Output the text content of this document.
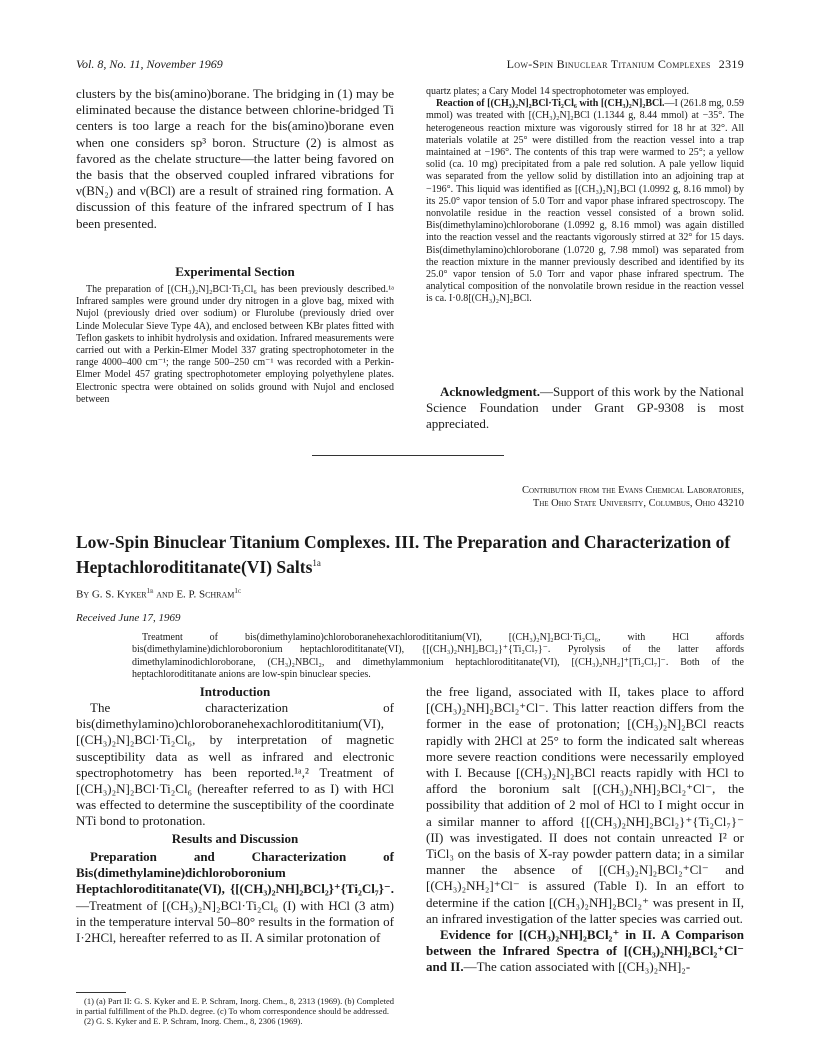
Vol. 8, No. 11, November 1969	Low-Spin Binuclear Titanium Complexes 2319

clusters by the bis(amino)borane. The bridging in (1) may be eliminated because the distance between chlorine-bridged Ti centers is too large a reach for the bis(amino)borane even when one considers sp³ boron. Structure (2) is almost as favored as the chelate structure—the latter being favored on the basis that the observed coupled infrared vibrations for ν(BN₂) and ν(BCl) are a result of strained ring formation. A discussion of this feature of the infrared spectrum of I has been presented.

Experimental Section
The preparation of [(CH₃)₂N]₂BCl·Ti₂Cl₆ has been previously described.¹ᵃ Infrared samples were ground under dry nitrogen in a glove bag, mixed with Nujol (previously dried over sodium) or Flurolube (previously dried over Linde Molecular Sieve Type 4A), and enclosed between KBr plates fitted with Teflon gaskets to inhibit hydrolysis and oxidation. Infrared measurements were carried out with a Perkin-Elmer Model 337 grating spectrophotometer in the range 4000–400 cm⁻¹; the range 500–250 cm⁻¹ was recorded with a Perkin-Elmer Model 457 grating spectrophotometer employing polyethylene plates. Electronic spectra were obtained on solids ground with Nujol and enclosed between

quartz plates; a Cary Model 14 spectrophotometer was employed.

Reaction of [(CH₃)₂N]₂BCl·Ti₂Cl₆ with [(CH₃)₂N]₂BCl.—I (261.8 mg, 0.59 mmol) was treated with [(CH₃)₂N]₂BCl (1.1344 g, 8.44 mmol) at −35°. The heterogeneous reaction mixture was vigorously stirred for 18 hr at 32°. All materials volatile at 25° were distilled from the reaction vessel into a trap maintained at −196°. The contents of this trap were warmed to 25°; a yellow solid (ca. 10 mg) precipitated from a pale red solution. A pale yellow liquid was separated from the yellow solid by distillation into an adjoining trap at −196°. This liquid was identified as [(CH₃)₂N]₂BCl (1.0992 g, 8.16 mmol) by its 25.0° vapor tension of 5.0 Torr and vapor phase infrared spectroscopy. The nonvolatile residue in the reaction vessel consisted of a brown solid. Bis(dimethylamino)chloroborane (1.0992 g, 8.16 mmol) was again distilled into the reaction vessel and the reactants vigorously stirred at 32° for 15 days. Bis(dimethylamino)chloroborane (1.0720 g, 7.98 mmol) was separated from the reaction mixture in the manner previously described and identified by its 25.0° vapor tension of 5.0 Torr and vapor phase infrared spectrum. The analytical composition of the nonvolatile brown residue in the reaction vessel is ca. I·0.8[(CH₃)₂N]₂BCl.

Acknowledgment.—Support of this work by the National Science Foundation under Grant GP-9308 is most appreciated.
Contribution from the Evans Chemical Laboratories,
The Ohio State University, Columbus, Ohio 43210
Low-Spin Binuclear Titanium Complexes. III. The Preparation and Characterization of Heptachlorodititanate(VI) Salts$^{1a}$
By G. S. Kyker$^{1b}$ and E. P. Schram$^{1c}$
Received June 17, 1969
Treatment of bis(dimethylamino)chloroboranehexachlorodititanium(VI), [(CH₃)₂N]₂BCl·Ti₂Cl₆, with HCl affords bis(dimethylamine)dichloroboronium heptachlorodititanate(VI), {[(CH₃)₂NH]₂BCl₂}⁺{Ti₂Cl₇}⁻. Pyrolysis of the latter affords dimethylaminodichloroborane, (CH₃)₂NBCl₂, and dimethylammonium heptachlorodititanate(VI), [(CH₃)₂NH₂]⁺[Ti₂Cl₇]⁻. Both of the heptachlorodititanate anions are low-spin binuclear species.
Introduction
The characterization of bis(dimethylamino)chloroboranehexachlorodititanium(VI), [(CH₃)₂N]₂BCl·Ti₂Cl₆, by interpretation of magnetic susceptibility data as well as infrared and electronic spectrophotometry has been reported.¹ᵃ,² Treatment of [(CH₃)₂N]₂BCl·Ti₂Cl₆ (hereafter referred to as I) with HCl was effected to determine the susceptibility of the coordinate NTi bond to protonation.
Results and Discussion
Preparation and Characterization of Bis(dimethylamine)dichloroboronium Heptachlorodititanate(VI), {[(CH₃)₂NH]₂BCl₂}⁺{Ti₂Cl₇}⁻.—Treatment of [(CH₃)₂N]₂BCl·Ti₂Cl₆ (I) with HCl (3 atm) in the temperature interval 50–80° results in the formation of I·2HCl, hereafter referred to as II. A similar protonation of

(1) (a) Part II: G. S. Kyker and E. P. Schram, Inorg. Chem., 8, 2313 (1969). (b) Completed in partial fulfillment of the Ph.D. degree. (c) To whom correspondence should be addressed.

(2) G. S. Kyker and E. P. Schram, Inorg. Chem., 8, 2306 (1969).

the free ligand, associated with II, takes place to afford [(CH₃)₂NH]₂BCl₂⁺Cl⁻. This latter reaction differs from the former in the ease of protonation; [(CH₃)₂N]₂BCl reacts rapidly with 2HCl at 25° to form the indicated salt whereas more severe reaction conditions were necessarily employed with I. Because [(CH₃)₂N]₂BCl reacts rapidly with HCl to afford the boronium salt [(CH₃)₂NH]₂BCl₂⁺Cl⁻, the possibility that addition of 2 mol of HCl to I might occur in a similar manner to afford {[(CH₃)₂NH]₂BCl₂}⁺{Ti₂Cl₇}⁻ (II) was investigated. II does not contain unreacted I² or TiCl₃ on the basis of X-ray powder pattern data; in a similar manner the absence of [(CH₃)₂N]₂BCl₂⁺Cl⁻ and [(CH₃)₂NH₂]⁺Cl⁻ is assured (Table I). In an effort to determine if the cation [(CH₃)₂NH]₂BCl₂⁺ was present in II, an infrared investigation of the latter species was carried out.

Evidence for [(CH₃)₂NH]₂BCl₂⁺ in II. A Comparison between the Infrared Spectra of [(CH₃)₂NH]₂BCl₂⁺Cl⁻ and II.—The cation associated with [(CH₃)₂NH]₂-
